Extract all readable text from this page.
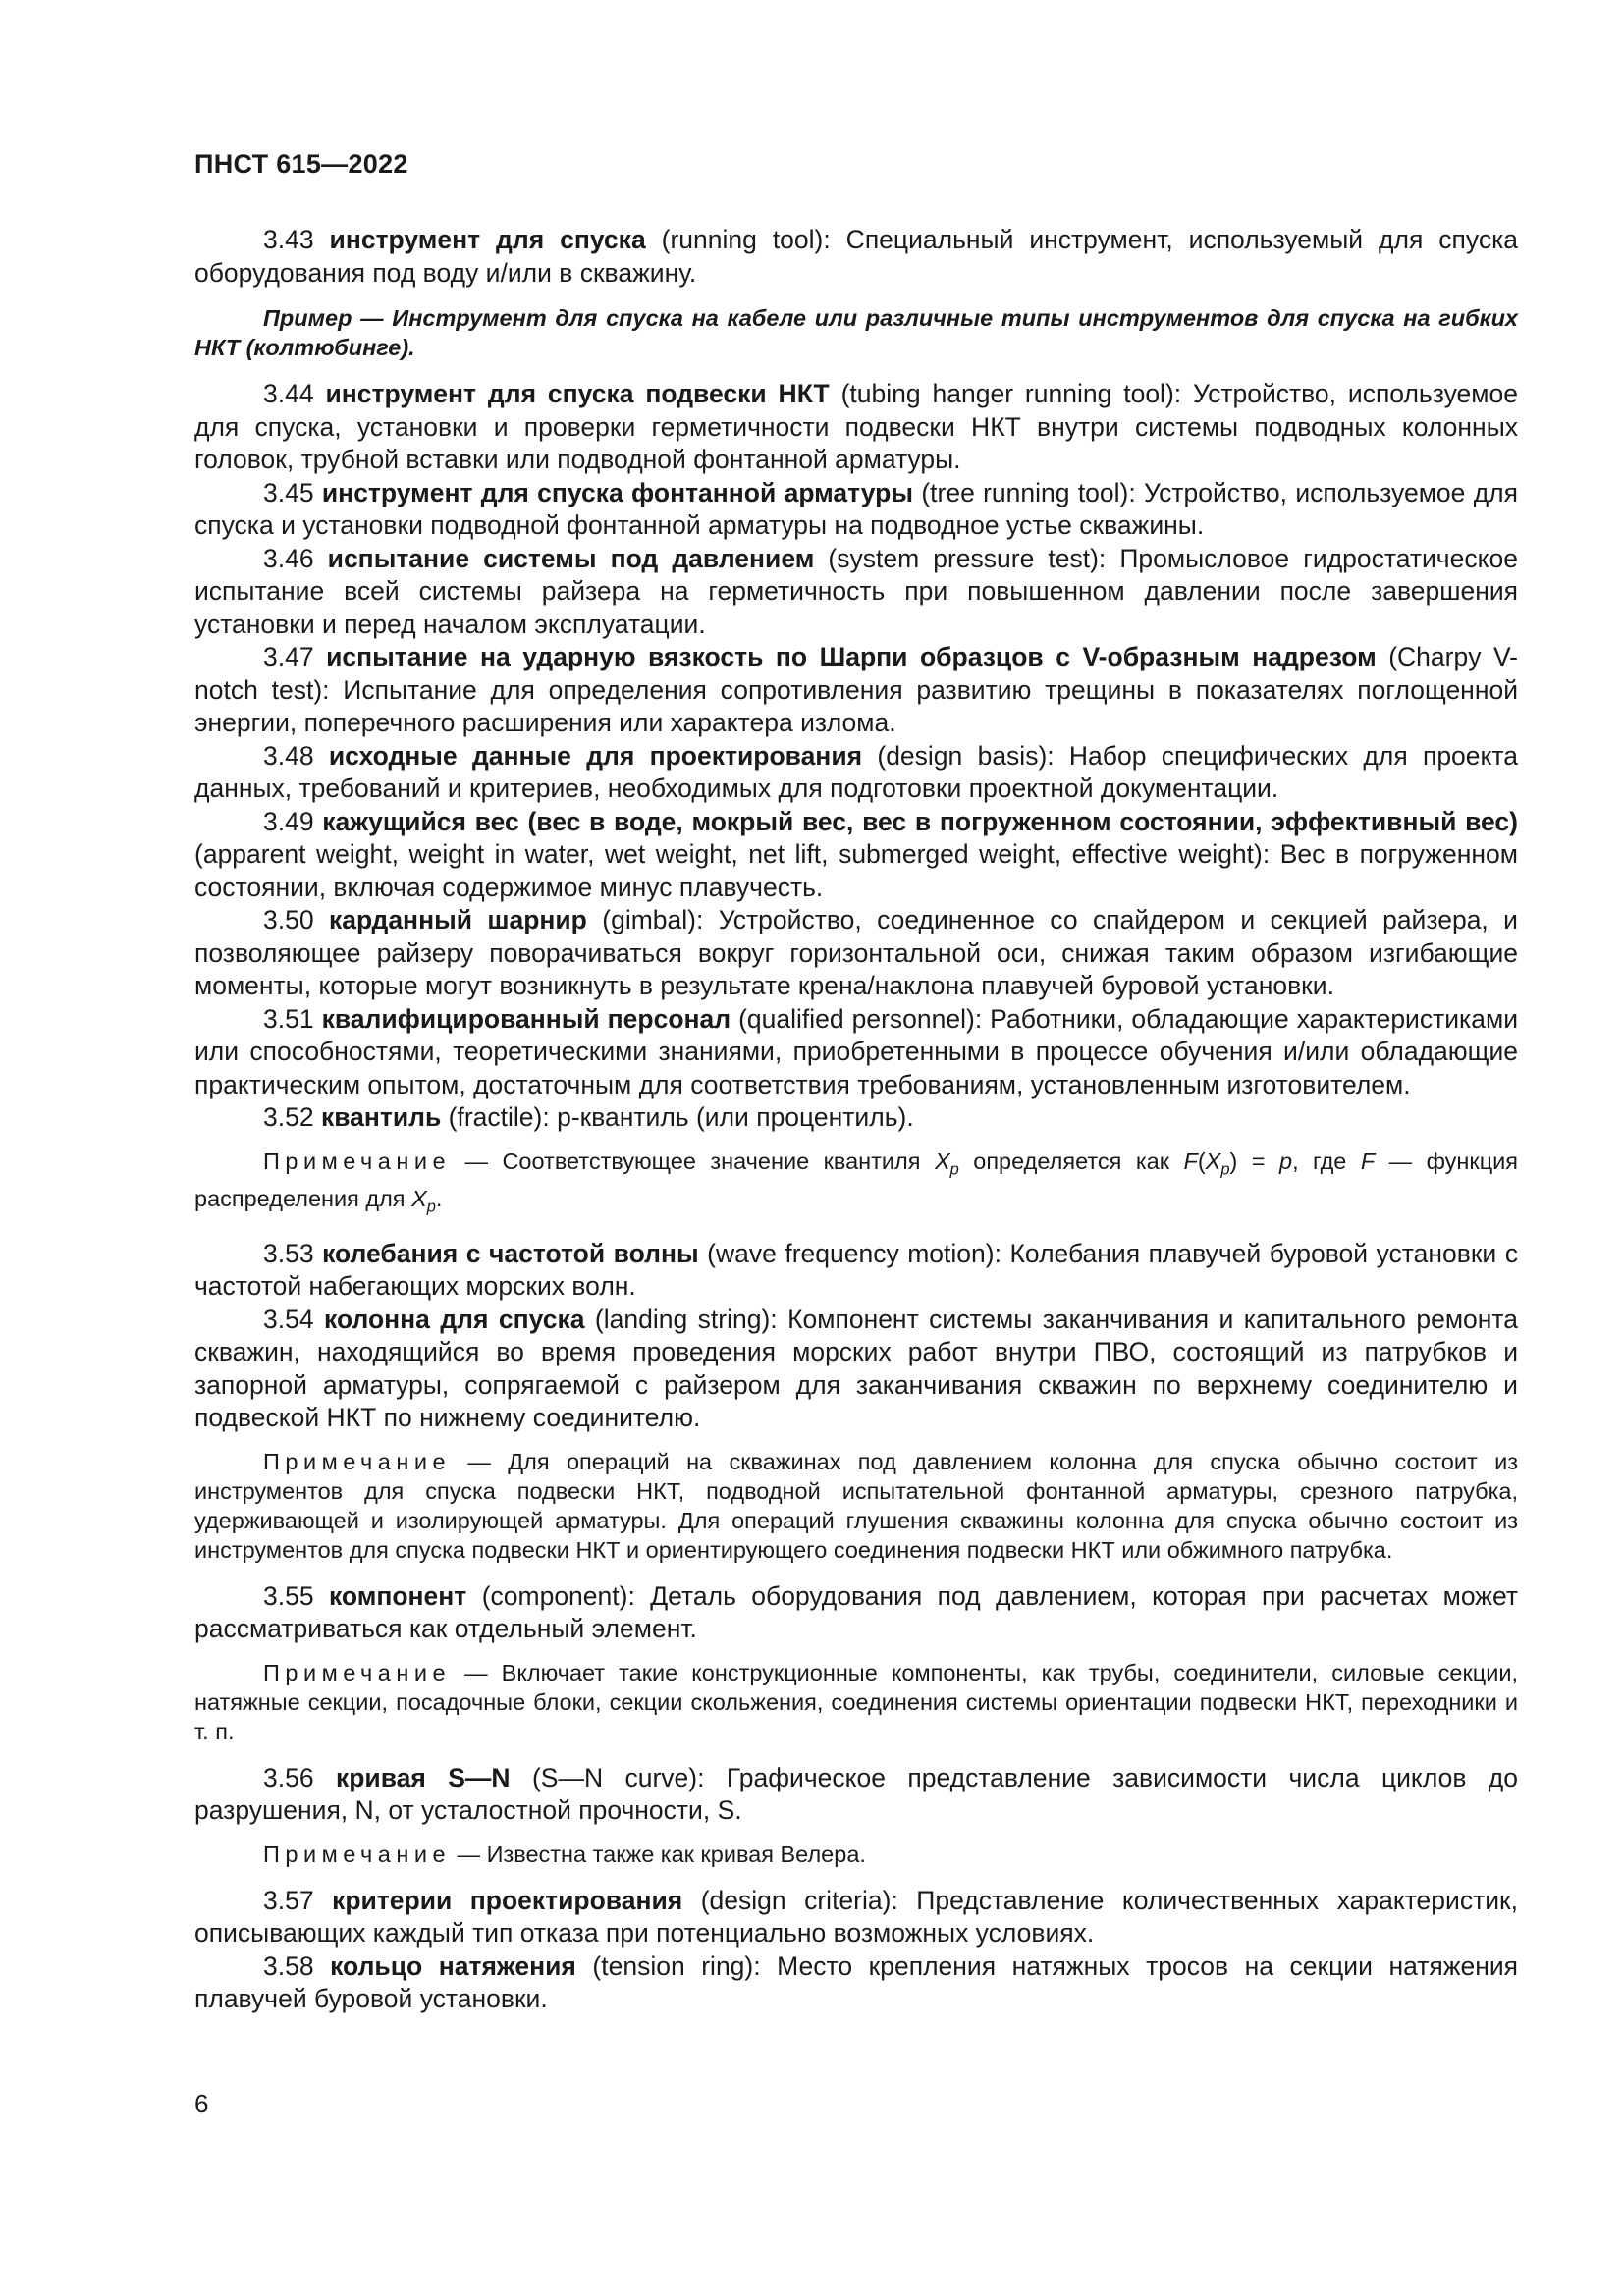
ПНСТ 615—2022

3.43 инструмент для спуска (running tool): Специальный инструмент, используемый для спуска оборудования под воду и/или в скважину.

Пример — Инструмент для спуска на кабеле или различные типы инструментов для спуска на гибких НКТ (колтюбинге).

3.44 инструмент для спуска подвески НКТ (tubing hanger running tool): Устройство, используемое для спуска, установки и проверки герметичности подвески НКТ внутри системы подводных колонных головок, трубной вставки или подводной фонтанной арматуры.

3.45 инструмент для спуска фонтанной арматуры (tree running tool): Устройство, используемое для спуска и установки подводной фонтанной арматуры на подводное устье скважины.

3.46 испытание системы под давлением (system pressure test): Промысловое гидростатическое испытание всей системы райзера на герметичность при повышенном давлении после завершения установки и перед началом эксплуатации.

3.47 испытание на ударную вязкость по Шарпи образцов с V-образным надрезом (Charpy V-notch test): Испытание для определения сопротивления развитию трещины в показателях поглощенной энергии, поперечного расширения или характера излома.

3.48 исходные данные для проектирования (design basis): Набор специфических для проекта данных, требований и критериев, необходимых для подготовки проектной документации.

3.49 кажущийся вес (вес в воде, мокрый вес, вес в погруженном состоянии, эффективный вес) (apparent weight, weight in water, wet weight, net lift, submerged weight, effective weight): Вес в погруженном состоянии, включая содержимое минус плавучесть.

3.50 карданный шарнир (gimbal): Устройство, соединенное со спайдером и секцией райзера, и позволяющее райзеру поворачиваться вокруг горизонтальной оси, снижая таким образом изгибающие моменты, которые могут возникнуть в результате крена/наклона плавучей буровой установки.

3.51 квалифицированный персонал (qualified personnel): Работники, обладающие характеристиками или способностями, теоретическими знаниями, приобретенными в процессе обучения и/или обладающие практическим опытом, достаточным для соответствия требованиям, установленным изготовителем.

3.52 квантиль (fractile): p-квантиль (или процентиль).

Примечание — Соответствующее значение квантиля $X_p$ определяется как $F(X_p) = p$, где F — функция распределения для $X_p$.

3.53 колебания с частотой волны (wave frequency motion): Колебания плавучей буровой установки с частотой набегающих морских волн.

3.54 колонна для спуска (landing string): Компонент системы заканчивания и капитального ремонта скважин, находящийся во время проведения морских работ внутри ПВО, состоящий из патрубков и запорной арматуры, сопрягаемой с райзером для заканчивания скважин по верхнему соединителю и подвеской НКТ по нижнему соединителю.

Примечание — Для операций на скважинах под давлением колонна для спуска обычно состоит из инструментов для спуска подвески НКТ, подводной испытательной фонтанной арматуры, срезного патрубка, удерживающей и изолирующей арматуры. Для операций глушения скважины колонна для спуска обычно состоит из инструментов для спуска подвески НКТ и ориентирующего соединения подвески НКТ или обжимного патрубка.

3.55 компонент (component): Деталь оборудования под давлением, которая при расчетах может рассматриваться как отдельный элемент.

Примечание — Включает такие конструкционные компоненты, как трубы, соединители, силовые секции, натяжные секции, посадочные блоки, секции скольжения, соединения системы ориентации подвески НКТ, переходники и т. п.

3.56 кривая S—N (S—N curve): Графическое представление зависимости числа циклов до разрушения, N, от усталостной прочности, S.

Примечание — Известна также как кривая Велера.

3.57 критерии проектирования (design criteria): Представление количественных характеристик, описывающих каждый тип отказа при потенциально возможных условиях.

3.58 кольцо натяжения (tension ring): Место крепления натяжных тросов на секции натяжения плавучей буровой установки.

6
